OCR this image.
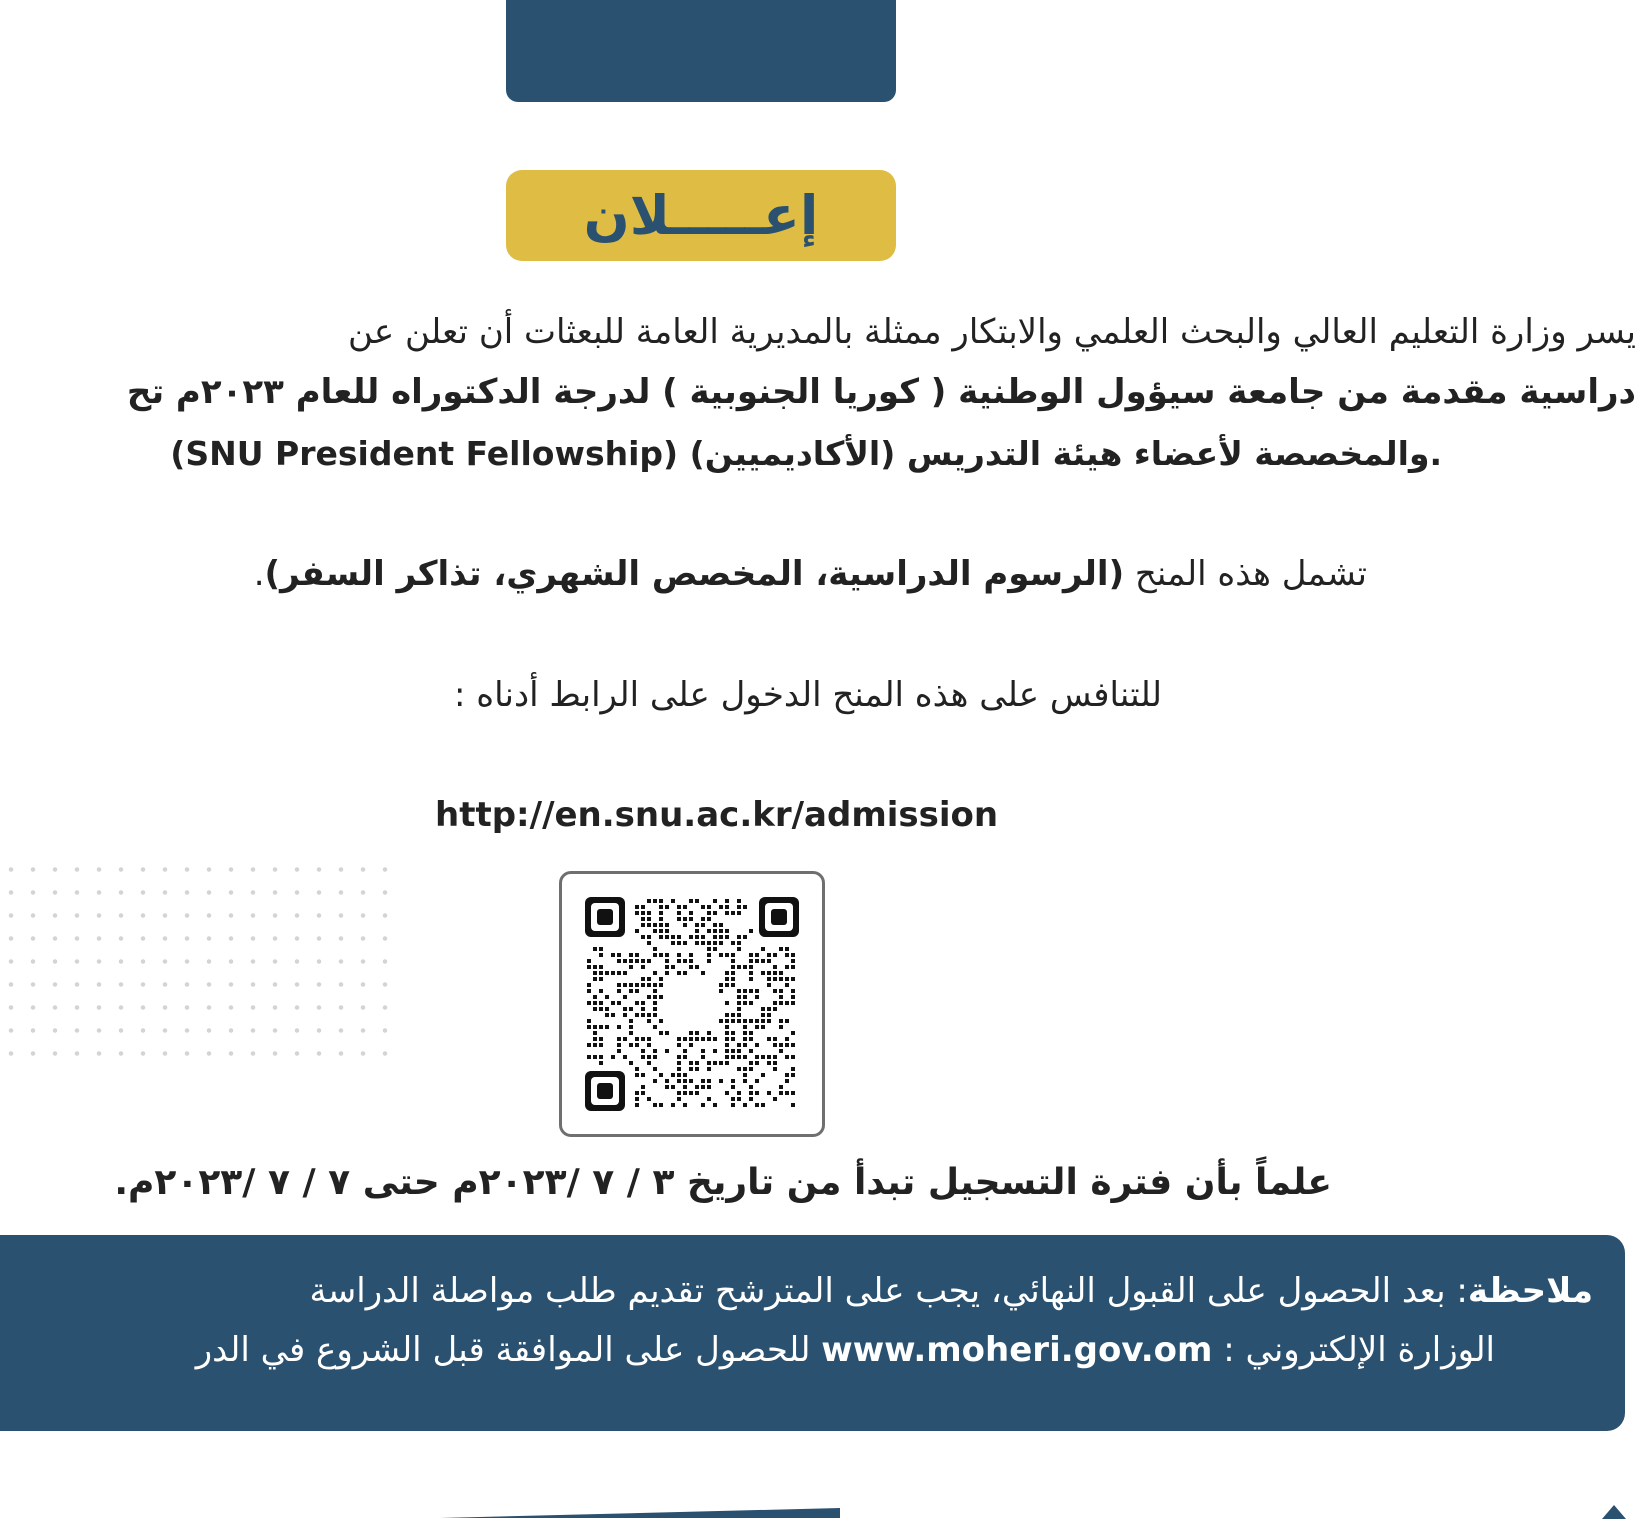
إعـــــلان
يسر وزارة التعليم العالي والبحث العلمي والابتكار ممثلة بالمديرية العامة للبعثات أن تعلن عن
دراسية مقدمة من جامعة سيؤول الوطنية ( كوريا الجنوبية ) لدرجة الدكتوراه للعام ٢٠٢٣م تح
(SNU President Fellowship) والمخصصة لأعضاء هيئة التدريس (الأكاديميين).
تشمل هذه المنح (الرسوم الدراسية، المخصص الشهري، تذاكر السفر).
للتنافس على هذه المنح الدخول على الرابط أدناه :
http://en.snu.ac.kr/admission
علماً بأن فترة التسجيل تبدأ من تاريخ ٣ / ٧ /٢٠٢٣م حتى ٧ / ٧ /٢٠٢٣م.
ملاحظة: بعد الحصول على القبول النهائي، يجب على المترشح تقديم طلب مواصلة الدراسة
الوزارة الإلكتروني : www.moheri.gov.om للحصول على الموافقة قبل الشروع في الدر
